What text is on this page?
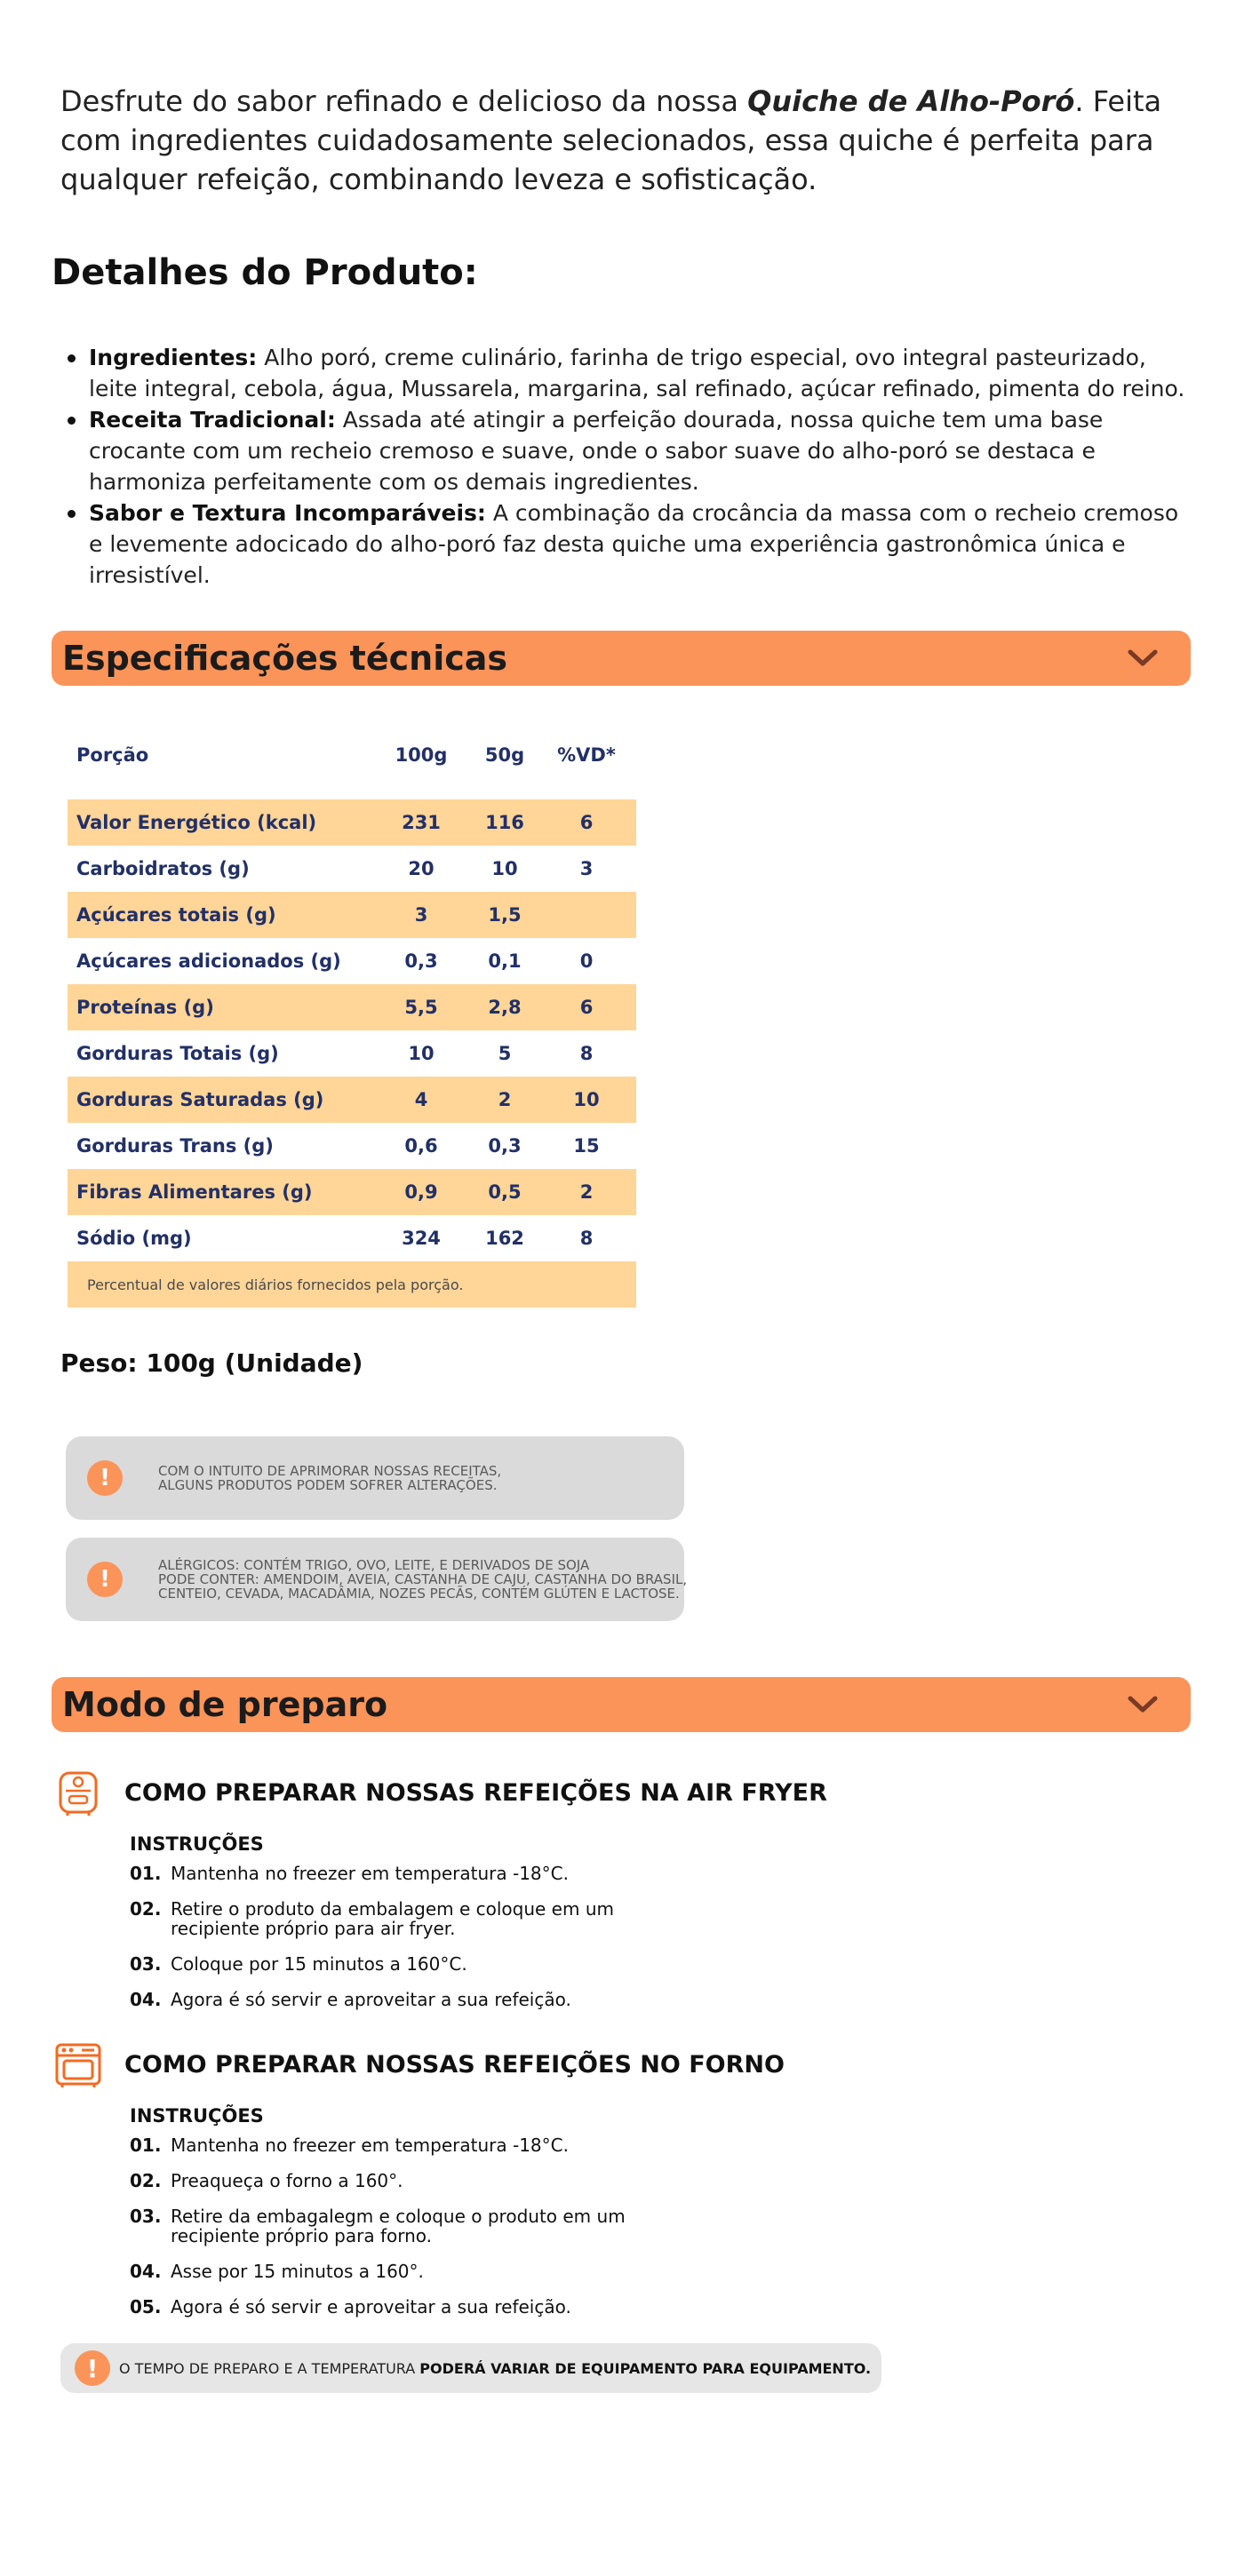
Desfrute do sabor refinado e delicioso da nossa Quiche de Alho-Poró. Feita com ingredientes cuidadosamente selecionados, essa quiche é perfeita para qualquer refeição, combinando leveza e sofisticação.

Detalhes do Produto:
Ingredientes: Alho poró, creme culinário, farinha de trigo especial, ovo integral pasteurizado, leite integral, cebola, água, Mussarela, margarina, sal refinado, açúcar refinado, pimenta do reino.
Receita Tradicional: Assada até atingir a perfeição dourada, nossa quiche tem uma base crocante com um recheio cremoso e suave, onde o sabor suave do alho-poró se destaca e harmoniza perfeitamente com os demais ingredientes.
Sabor e Textura Incomparáveis: A combinação da crocância da massa com o recheio cremoso e levemente adocicado do alho-poró faz desta quiche uma experiência gastronômica única e irresistível.
Especificações técnicas
Porção	100g	50g	%VD*
Valor Energético (kcal)	231	116	6
Carboidratos (g)	20	10	3
Açúcares totais (g)	3	1,5
Açúcares adicionados (g)	0,3	0,1	0
Proteínas (g)	5,5	2,8	6
Gorduras Totais (g)	10	5	8
Gorduras Saturadas (g)	4	2	10
Gorduras Trans (g)	0,6	0,3	15
Fibras Alimentares (g)	0,9	0,5	2
Sódio (mg)	324	162	8
Percentual de valores diários fornecidos pela porção.
Peso: 100g (Unidade)
!	COM O INTUITO DE APRIMORAR NOSSAS RECEITAS,
ALGUNS PRODUTOS PODEM SOFRER ALTERAÇÕES.
!
ALÉRGICOS: CONTÉM TRIGO, OVO, LEITE, E DERIVADOS DE SOJA
PODE CONTER: AMENDOIM, AVEIA, CASTANHA DE CAJU, CASTANHA DO BRASIL,
CENTEIO, CEVADA, MACADÂMIA, NOZES PECÃS, CONTÉM GLÚTEN E LACTOSE.
Modo de preparo
COMO PREPARAR NOSSAS REFEIÇÕES NA AIR FRYER
INSTRUÇÕES
01. Mantenha no freezer em temperatura -18°C.
02. Retire o produto da embalagem e coloque em um recipiente próprio para air fryer.
03. Coloque por 15 minutos a 160°C.
04. Agora é só servir e aproveitar a sua refeição.
COMO PREPARAR NOSSAS REFEIÇÕES NO FORNO
INSTRUÇÕES
01. Mantenha no freezer em temperatura -18°C.
02. Preaqueça o forno a 160°.
03. Retire da embagalegm e coloque o produto em um recipiente próprio para forno.
04. Asse por 15 minutos a 160°.
05. Agora é só servir e aproveitar a sua refeição.
!	O TEMPO DE PREPARO E A TEMPERATURA PODERÁ VARIAR DE EQUIPAMENTO PARA EQUIPAMENTO.
